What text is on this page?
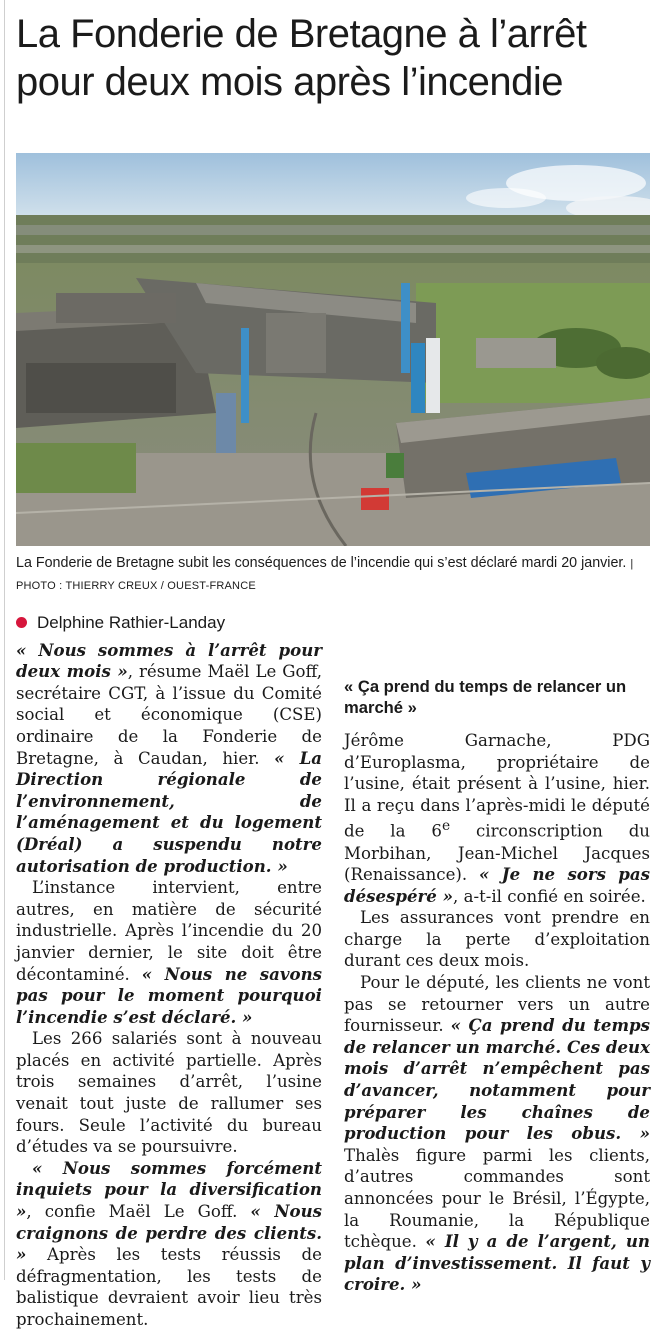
La Fonderie de Bretagne à l’arrêt pour deux mois après l’incendie
La Fonderie de Bretagne subit les conséquences de l’incendie qui s’est déclaré mardi 20 janvier. | PHOTO : THIERRY CREUX / OUEST-FRANCE
Delphine Rathier-Landay

« Nous sommes à l’arrêt pour deux mois », résume Maël Le Goff, secrétaire CGT, à l’issue du Comité social et économique (CSE) ordinaire de la Fonderie de Bretagne, à Caudan, hier. « La Direction régionale de l’environnement, de l’aménagement et du logement (Dréal) a suspendu notre autorisation de production. »

L’instance intervient, entre autres, en matière de sécurité industrielle. Après l’incendie du 20 janvier dernier, le site doit être décontaminé. « Nous ne savons pas pour le moment pourquoi l’incendie s’est déclaré. »

Les 266 salariés sont à nouveau placés en activité partielle. Après trois semaines d’arrêt, l’usine venait tout juste de rallumer ses fours. Seule l’activité du bureau d’études va se poursuivre.

« Nous sommes forcément inquiets pour la diversification », confie Maël Le Goff. « Nous craignons de perdre des clients. » Après les tests réussis de défragmentation, les tests de balistique devraient avoir lieu très prochainement.

« Ça prend du temps de relancer un marché »

Jérôme Garnache, PDG d’Europlasma, propriétaire de l’usine, était présent à l’usine, hier. Il a reçu dans l’après-midi le député de la 6e circonscription du Morbihan, Jean-Michel Jacques (Renaissance). « Je ne sors pas désespéré », a-t-il confié en soirée.

Les assurances vont prendre en charge la perte d’exploitation durant ces deux mois.

Pour le député, les clients ne vont pas se retourner vers un autre fournisseur. « Ça prend du temps de relancer un marché. Ces deux mois d’arrêt n’empêchent pas d’avancer, notamment pour préparer les chaînes de production pour les obus. » Thalès figure parmi les clients, d’autres commandes sont annoncées pour le Brésil, l’Égypte, la Roumanie, la République tchèque. « Il y a de l’argent, un plan d’investissement. Il faut y croire. »
